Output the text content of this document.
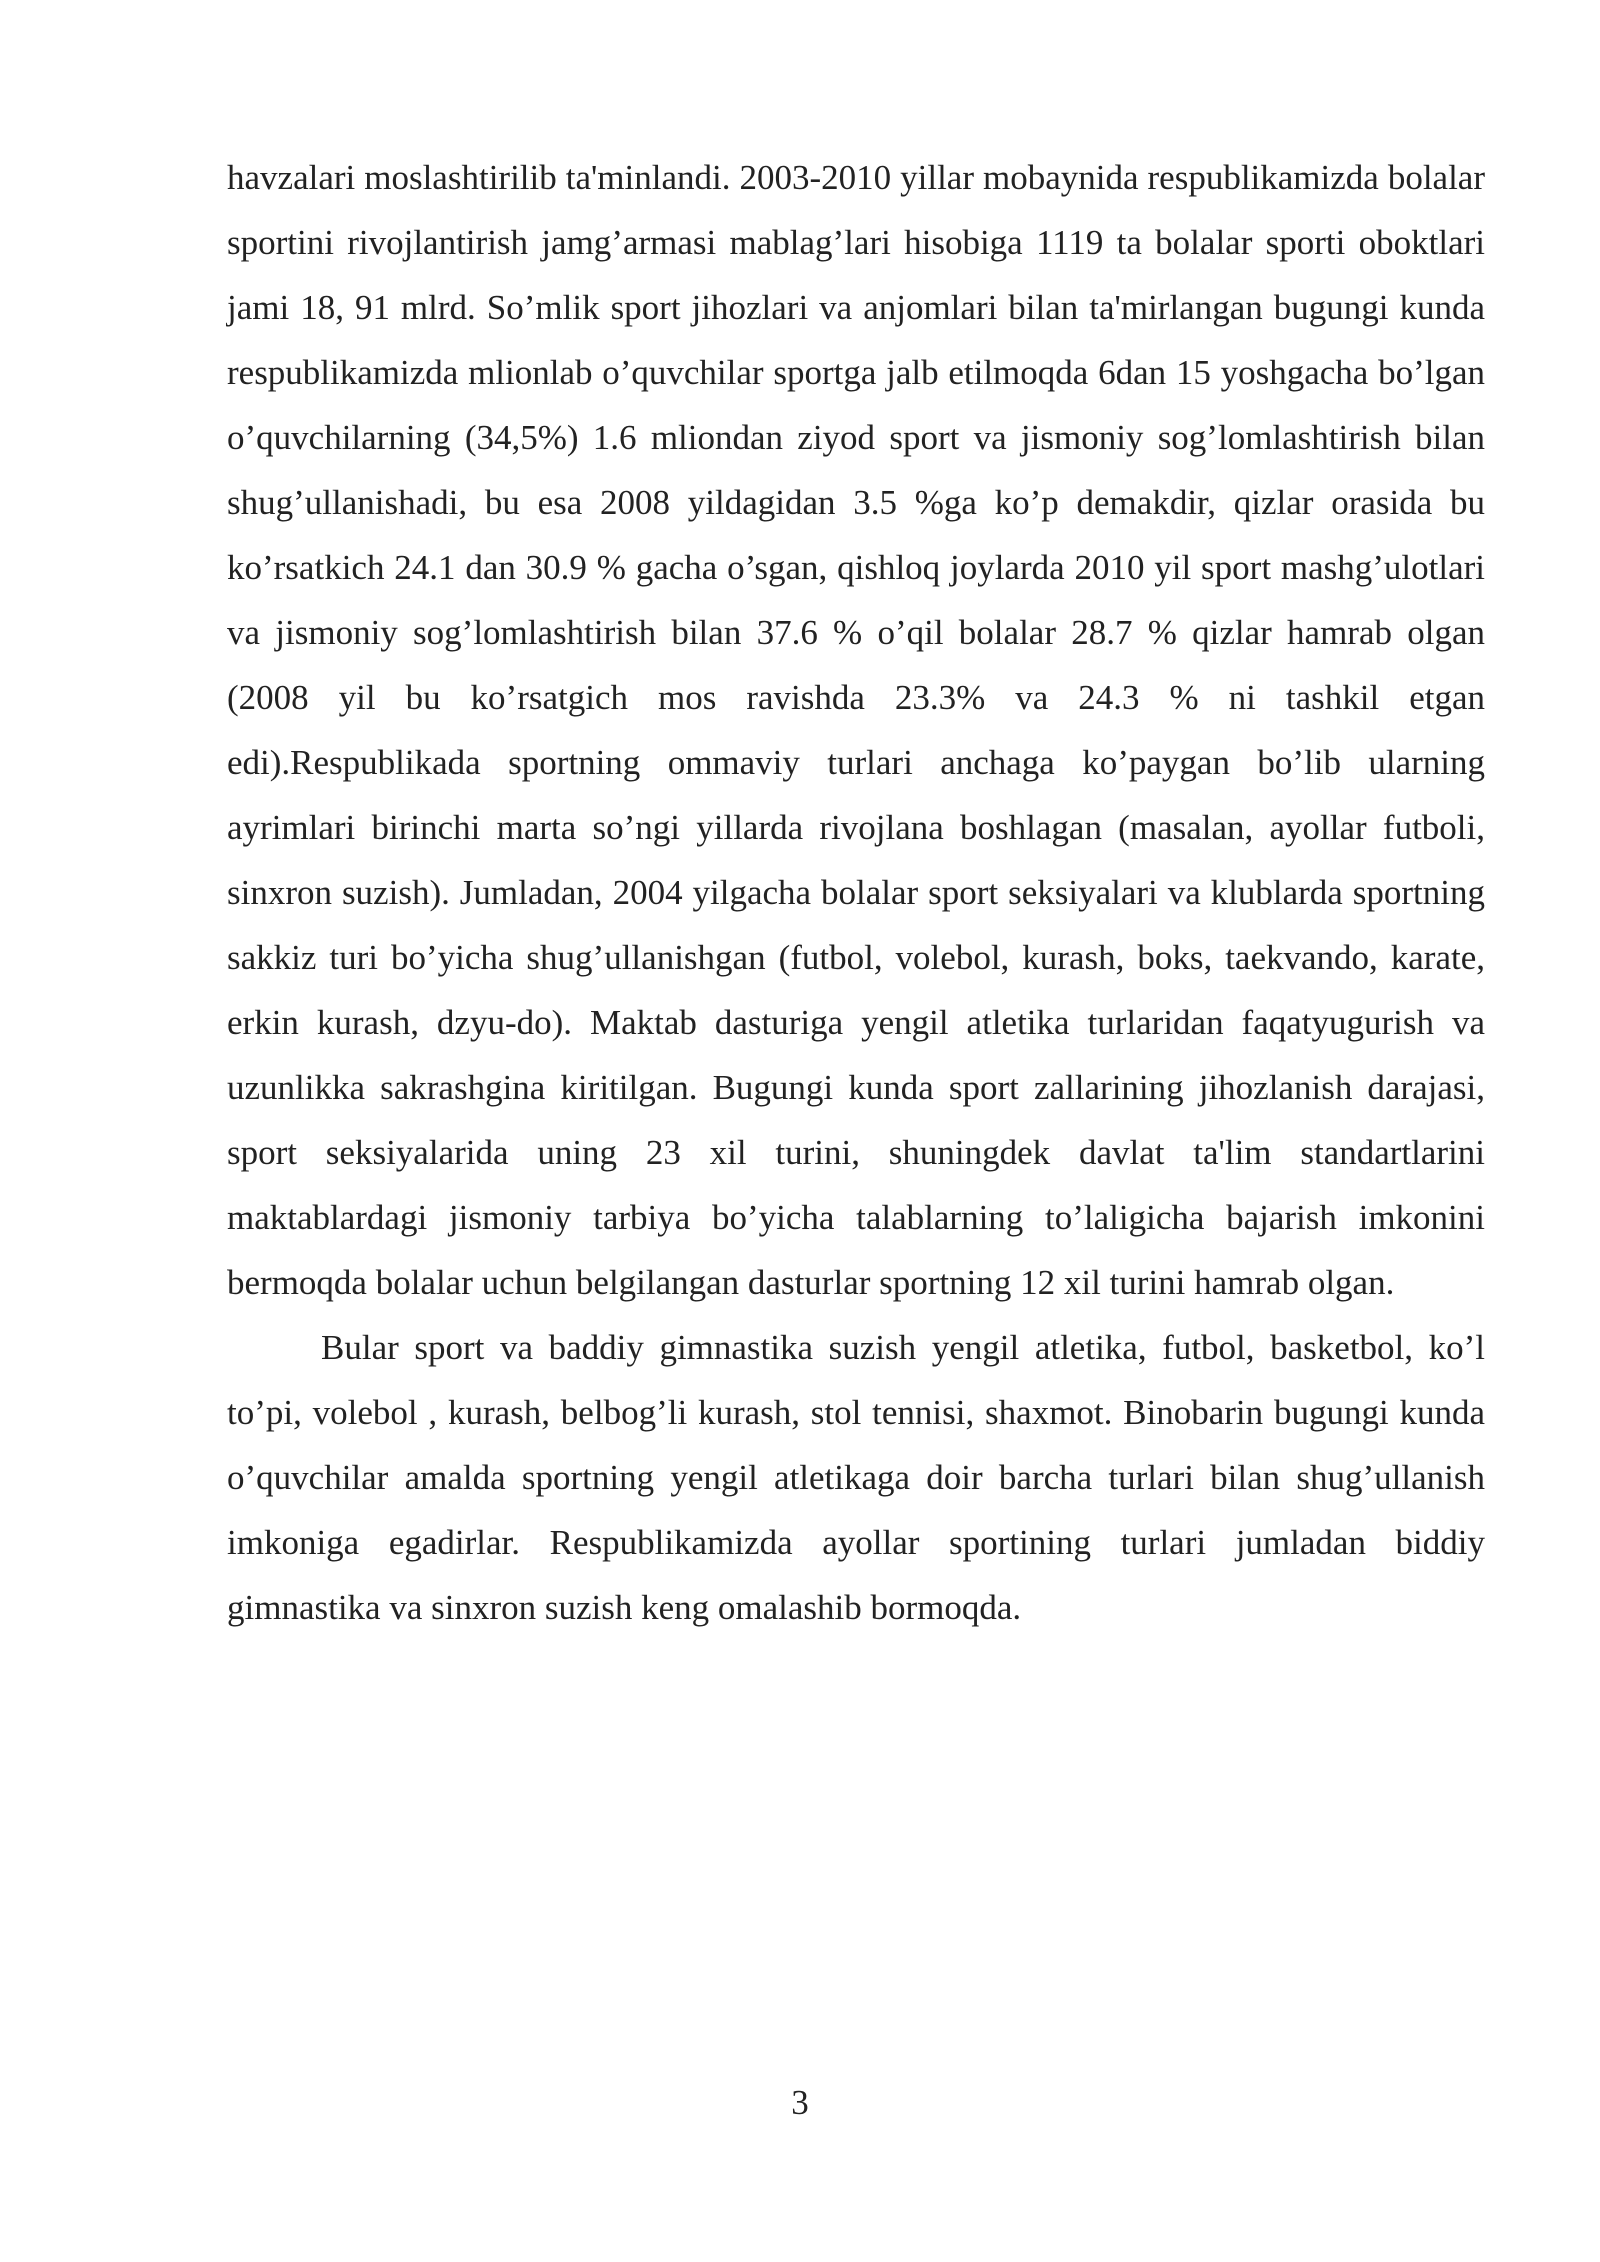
havzalari moslashtirilib ta'minlandi. 2003-2010 yillar mobaynida respublikamizda bolalar sportini rivojlantirish jamg’armasi mablag’lari hisobiga 1119 ta bolalar sporti oboktlari jami 18, 91 mlrd. So’mlik sport jihozlari va anjomlari bilan ta'mirlangan bugungi kunda respublikamizda mlionlab o’quvchilar sportga jalb etilmoqda 6dan 15 yoshgacha bo’lgan o’quvchilarning (34,5%) 1.6 mliondan ziyod sport va jismoniy sog’lomlashtirish bilan shug’ullanishadi, bu esa 2008 yildagidan 3.5 %ga ko’p demakdir, qizlar orasida bu ko’rsatkich 24.1 dan 30.9 % gacha o’sgan, qishloq joylarda 2010 yil sport mashg’ulotlari va jismoniy sog’lomlashtirish bilan 37.6 % o’qil bolalar 28.7 % qizlar hamrab olgan (2008 yil bu ko’rsatgich mos ravishda 23.3% va 24.3 % ni tashkil etgan edi).Respublikada sportning ommaviy turlari anchaga ko’paygan bo’lib ularning ayrimlari birinchi marta so’ngi yillarda rivojlana boshlagan (masalan, ayollar futboli, sinxron suzish). Jumladan, 2004 yilgacha bolalar sport seksiyalari va klublarda sportning sakkiz turi bo’yicha shug’ullanishgan (futbol, volebol, kurash, boks, taekvando, karate, erkin kurash, dzyu-do). Maktab dasturiga yengil atletika turlaridan faqatyugurish va uzunlikka sakrashgina kiritilgan. Bugungi kunda sport zallarining jihozlanish darajasi, sport seksiyalarida uning 23 xil turini, shuningdek davlat ta'lim standartlarini maktablardagi jismoniy tarbiya bo’yicha talablarning to’laligicha bajarish imkonini bermoqda bolalar uchun belgilangan dasturlar sportning 12 xil turini hamrab olgan.

Bular sport va baddiy gimnastika suzish yengil atletika, futbol, basketbol, ko’l to’pi, volebol , kurash, belbog’li kurash, stol tennisi, shaxmot. Binobarin bugungi kunda o’quvchilar amalda sportning yengil atletikaga doir barcha turlari bilan shug’ullanish imkoniga egadirlar. Respublikamizda ayollar sportining turlari jumladan biddiy gimnastika va sinxron suzish keng omalashib bormoqda.

3
